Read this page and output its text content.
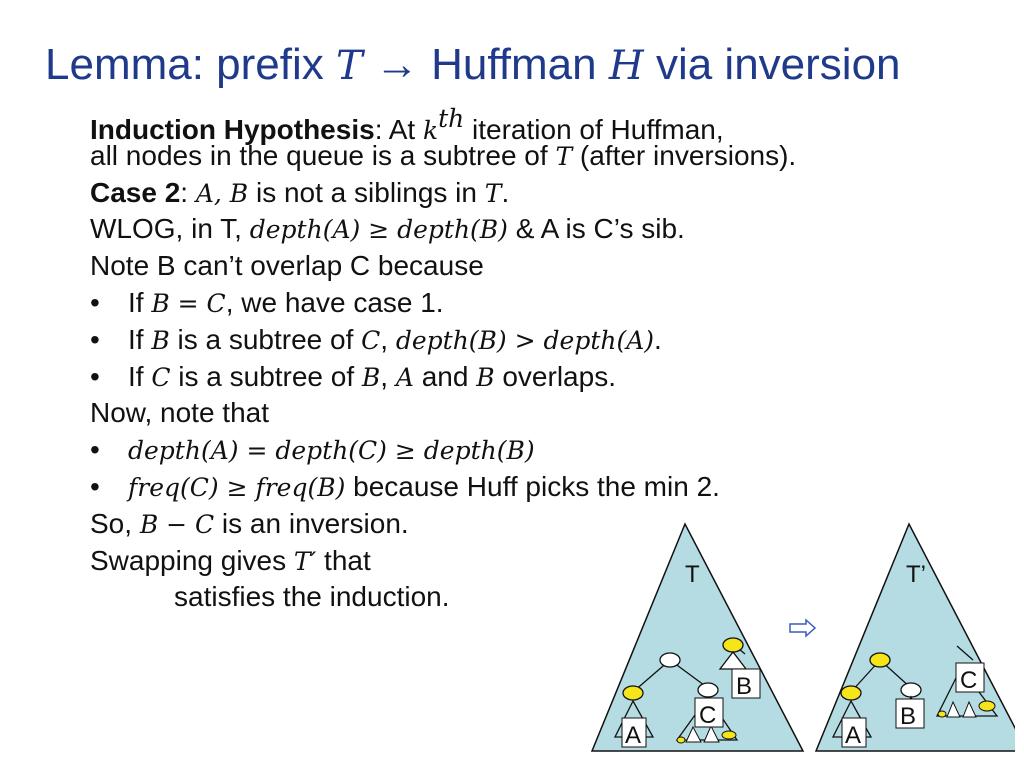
Lemma: prefix T → Huffman H via inversion
Induction Hypothesis: At kth iteration of Huffman,
all nodes in the queue is a subtree of T (after inversions).
Case 2: A, B is not a siblings in T.
WLOG, in T, depth(A) ≥ depth(B) & A is C’s sib.
Note B can’t overlap C because
• If B = C, we have case 1.
• If B is a subtree of C, depth(B) > depth(A).
• If C is a subtree of B, A and B overlaps.
Now, note that
• depth(A) = depth(C) ≥ depth(B)
• freq(C) ≥ freq(B) because Huff picks the min 2.
So, B − C is an inversion.
Swapping gives T′ that
satisfies the induction.
T
A
C
B
T’
A
B
C
